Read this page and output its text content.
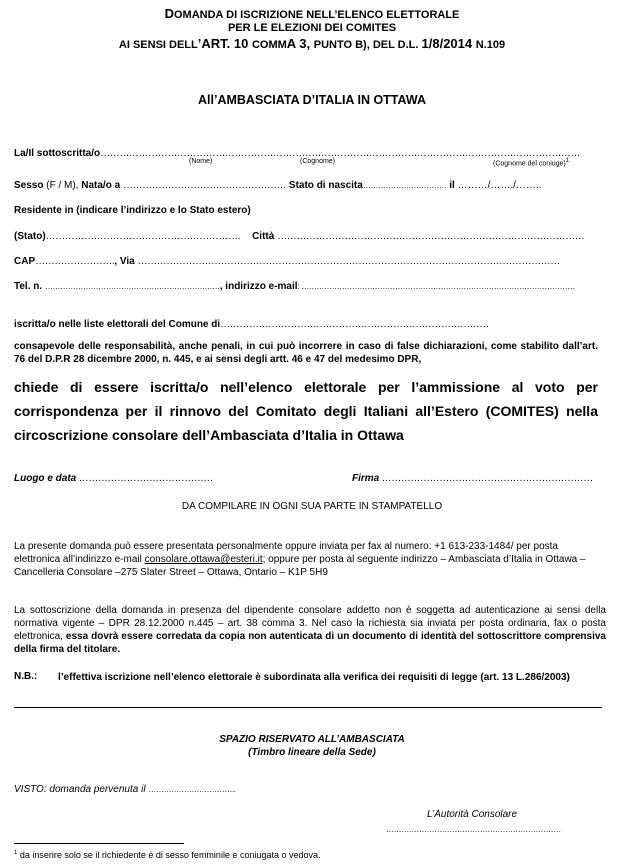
DOMANDA DI ISCRIZIONE NELL’ELENCO ELETTORALE
PER LE ELEZIONI DEI COMITES
AI SENSI DELL’ART. 10 COMMA 3, PUNTO B), DEL D.L. 1/8/2014 N.109
All’AMBASCIATA D’ITALIA IN OTTAWA
La/Il sottoscritta/o……………………………………………………………………………………………………………………………………
(Nome)	(Cognome)	(Cognome del coniuge)$^1$
Sesso (F / M), Nata/o a …………………………………………… Stato di nascita…………………………… il ………/……./……..
Residente in (indicare l’indirizzo e lo Stato estero)
(Stato)……………………………………………………. Città ……………………………………………………………………………………
CAP……………………., Via ……………………………………………………………………………………………………………………
Tel. n. ……………………………………………………………, indirizzo e-mail: ………………………………………………………………………………………………
iscritta/o nelle liste elettorali del Comune di…………………………………………………………………………
consapevole delle responsabilità, anche penali, in cui può incorrere in caso di false dichiarazioni, come stabilito dall’art. 76 del D.P.R 28 dicembre 2000, n. 445, e ai sensi degli artt. 46 e 47 del medesimo DPR,
chiede di essere iscritta/o nell’elenco elettorale per l’ammissione al voto per corrispondenza per il rinnovo del Comitato degli Italiani all’Estero (COMITES) nella circoscrizione consolare dell’Ambasciata d’Italia in Ottawa
Luogo e data ……………………………………	Firma …………………………………………………………
DA COMPILARE IN OGNI SUA PARTE IN STAMPATELLO
La presente domanda può essere presentata personalmente oppure inviata per fax al numero: +1 613-233-1484/ per posta elettronica all’indirizzo e-mail consolare.ottawa@esteri.it; oppure per posta al seguente indirizzo – Ambasciata d’Italia in Ottawa – Cancelleria Consolare –275 Slater Street – Ottawa, Ontario – K1P 5H9
La sottoscrizione della domanda in presenza del dipendente consolare addetto non è soggetta ad autenticazione ai sensi della normativa vigente – DPR 28.12.2000 n.445 – art. 38 comma 3. Nel caso la richiesta sia inviata per posta ordinaria, fax o posta elettronica, essa dovrà essere corredata da copia non autenticata di un documento di identità del sottoscrittore comprensiva della firma del titolare.
N.B.: l’effettiva iscrizione nell’elenco elettorale è subordinata alla verifica dei requisiti di legge (art. 13 L.286/2003)
SPAZIO RISERVATO ALL’AMBASCIATA
(Timbro lineare della Sede)
VISTO: domanda pervenuta il ……………………………..
L’Autorità Consolare
……………………………………………………………
$^1$ da inserire solo se il richiedente è di sesso femminile e coniugata o vedova.
